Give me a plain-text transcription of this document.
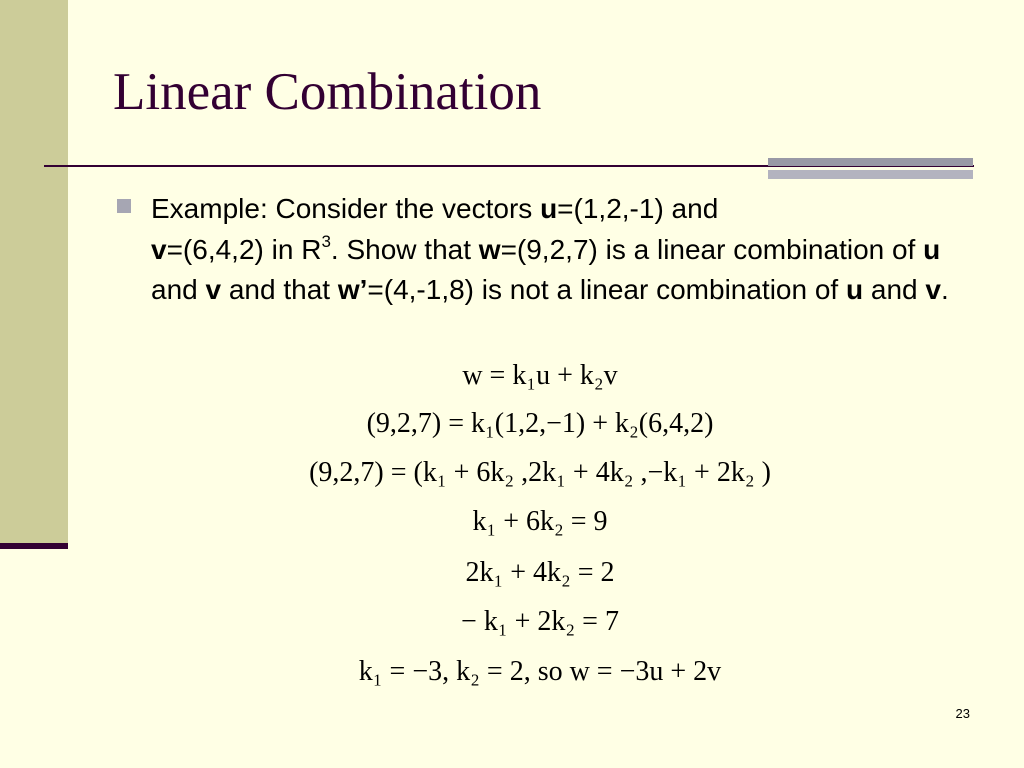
Linear Combination
Example: Consider the vectors u=(1,2,-1) and
v=(6,4,2) in $R^3$. Show that w=(9,2,7) is a linear combination of u and v and that w’=(4,-1,8) is not a linear combination of u and v.
w = k₁u + k₂v
(9,2,7) = k₁(1,2,−1) + k₂(6,4,2)
(9,2,7) = (k₁ + 6k₂ ,2k₁ + 4k₂ ,−k₁ + 2k₂ )
k₁ + 6k₂ = 9
2k₁ + 4k₂ = 2
− k₁ + 2k₂ = 7
k₁ = −3, k₂ = 2, so w = −3u + 2v
23
